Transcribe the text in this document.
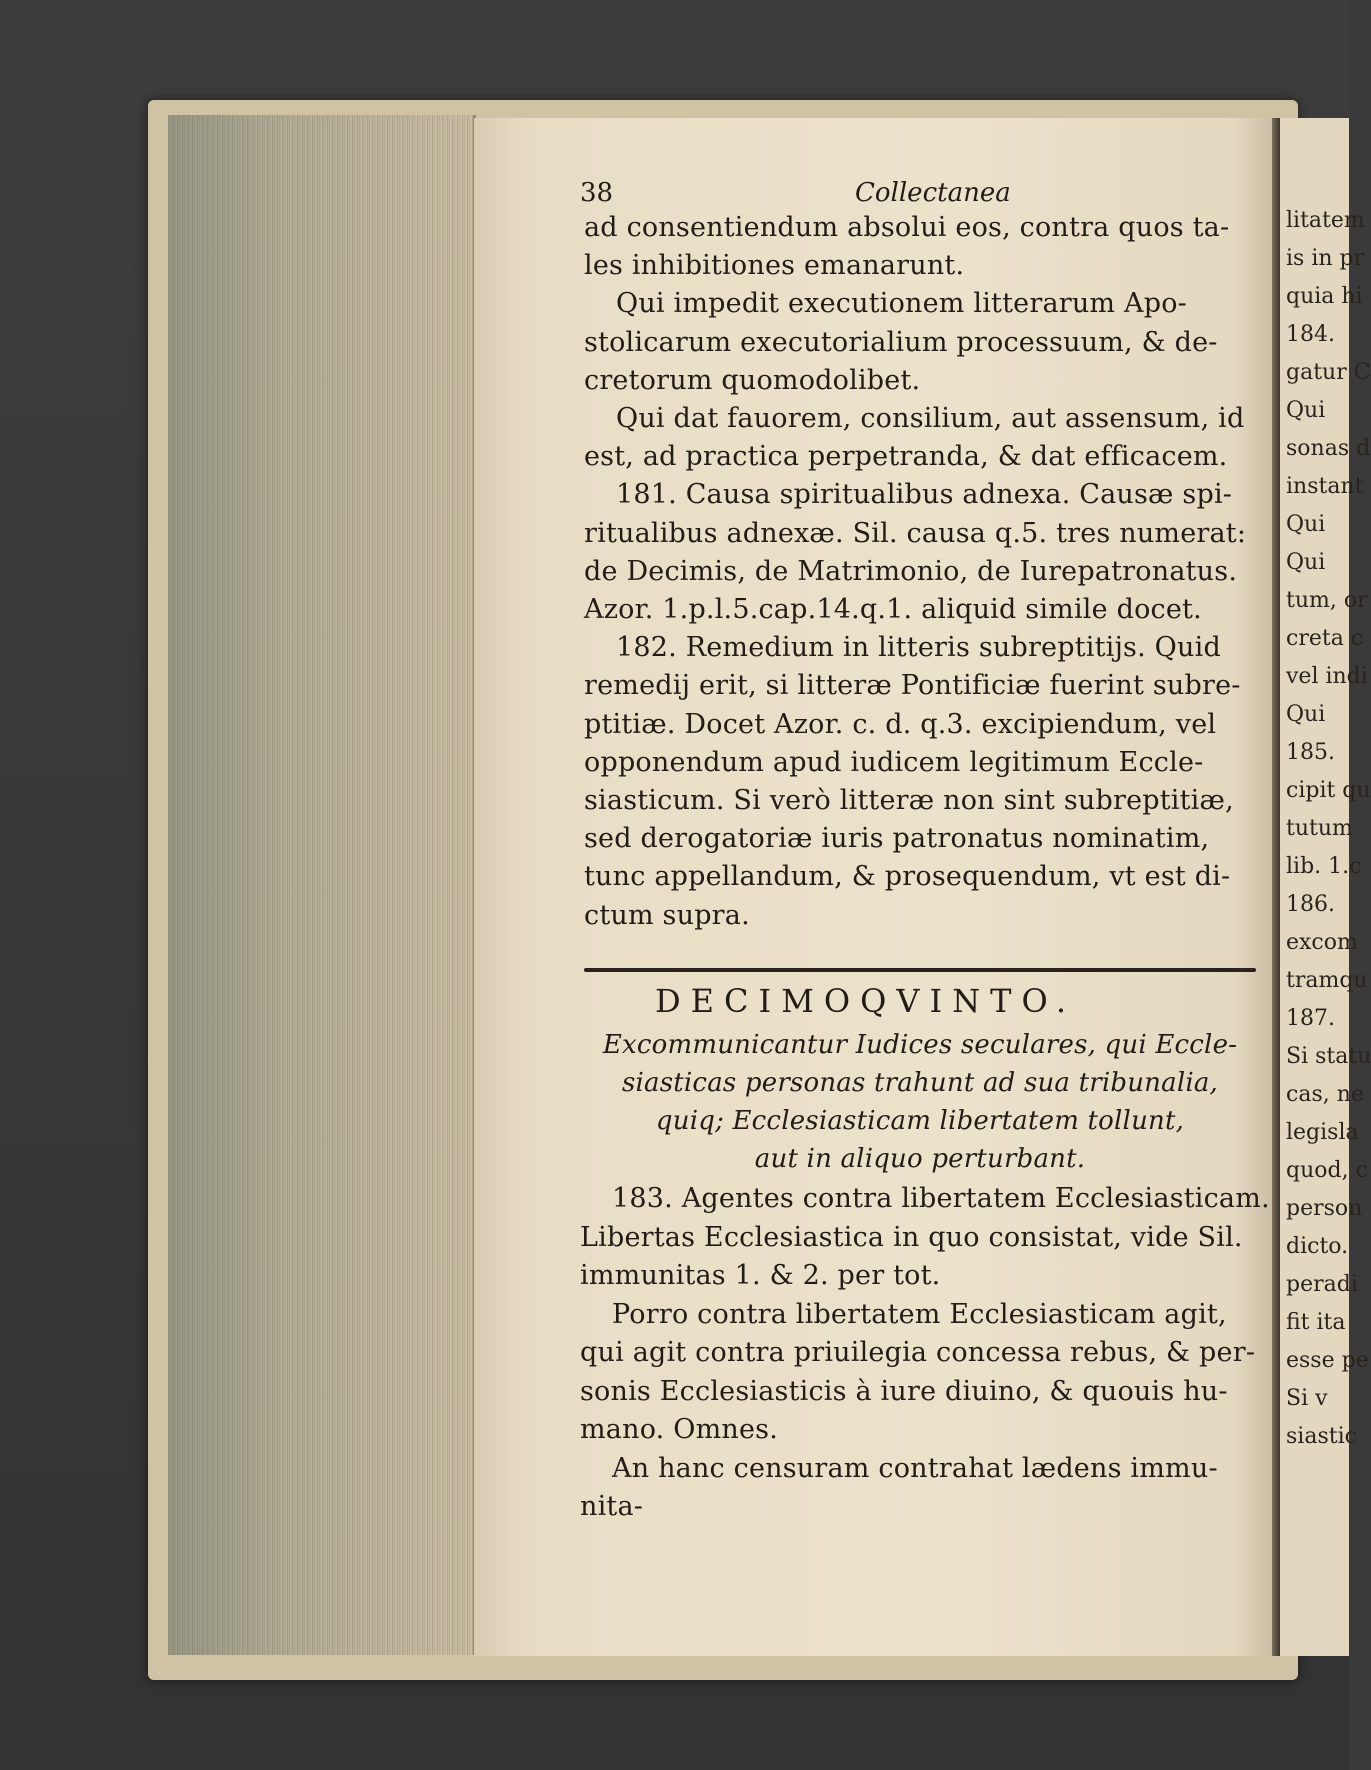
litatem
is in pr
quia hi
184.
gatur C
Qui
sonas d
instant
Qui
Qui
tum, or
creta c
vel indi
Qui
185.
cipit qu
tutum
lib. 1.c
186.
excom
tramqu
187.
Si statu
cas, ne
legisla
quod, c
person
dicto.
peradi
fit ita
esse pe
Si v
siastic
38	Collectanea
ad consentiendum absolui eos, contra quos ta-
les inhibitiones emanarunt.
Qui impedit executionem litterarum Apo-
stolicarum executorialium processuum, & de-
cretorum quomodolibet.
Qui dat fauorem, consilium, aut assensum, id
est, ad practica perpetranda, & dat efficacem.
181. Causa spiritualibus adnexa. Causæ spi-
ritualibus adnexæ. Sil. causa q.5. tres numerat:
de Decimis, de Matrimonio, de Iurepatronatus.
Azor. 1.p.l.5.cap.14.q.1. aliquid simile docet.
182. Remedium in litteris subreptitijs. Quid
remedij erit, si litteræ Pontificiæ fuerint subre-
ptitiæ. Docet Azor. c. d. q.3. excipiendum, vel
opponendum apud iudicem legitimum Eccle-
siasticum. Si verò litteræ non sint subreptitiæ,
sed derogatoriæ iuris patronatus nominatim,
tunc appellandum, & prosequendum, vt est di-
ctum supra.
DECIMOQVINTO.
Excommunicantur Iudices seculares, qui Eccle-
siasticas personas trahunt ad sua tribunalia,
quiq; Ecclesiasticam libertatem tollunt,
aut in aliquo perturbant.
183. Agentes contra libertatem Ecclesiasticam.
Libertas Ecclesiastica in quo consistat, vide Sil.
immunitas 1. & 2. per tot.
Porro contra libertatem Ecclesiasticam agit,
qui agit contra priuilegia concessa rebus, & per-
sonis Ecclesiasticis à iure diuino, & quouis hu-
mano. Omnes.
An hanc censuram contrahat lædens immu-
nita-
